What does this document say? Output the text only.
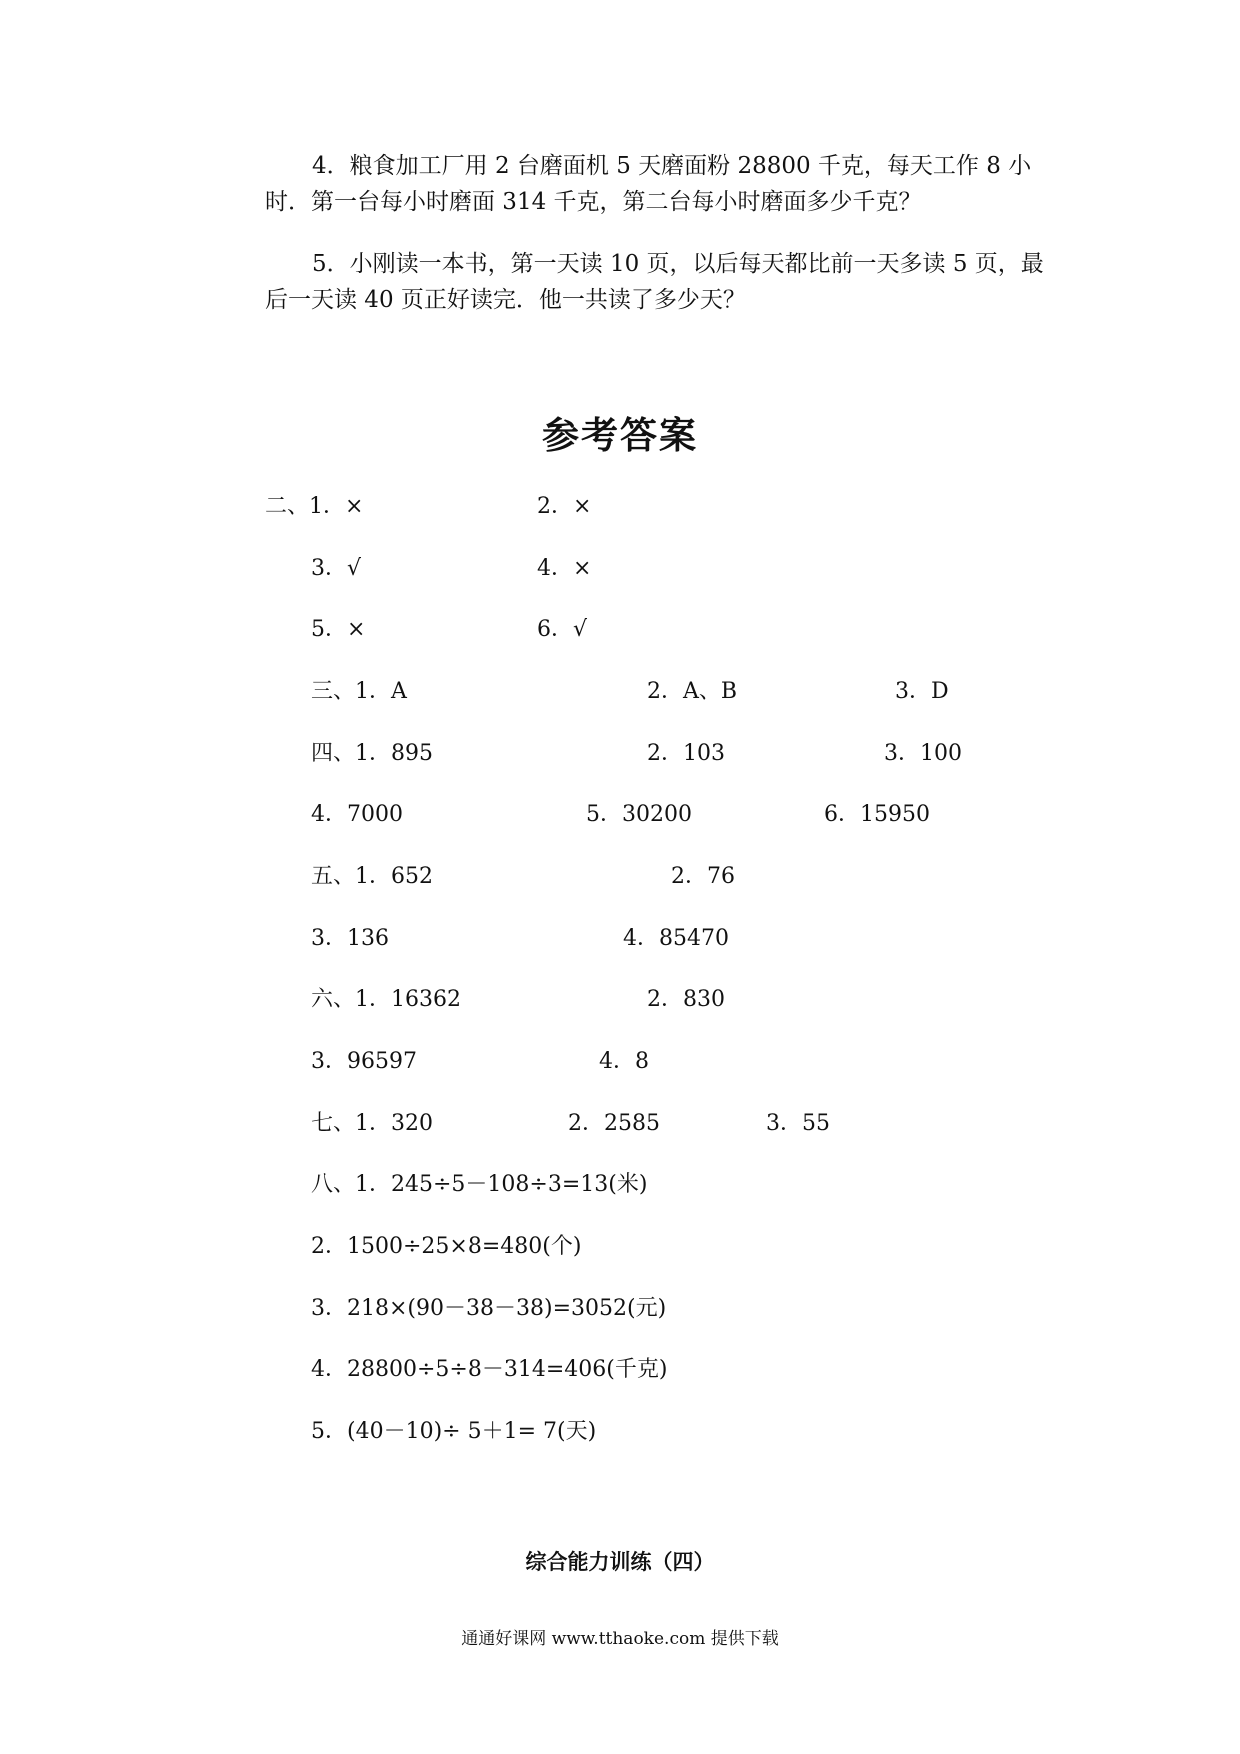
4．粮食加工厂用 2 台磨面机 5 天磨面粉 28800 千克，每天工作 8 小时．第一台每小时磨面 314 千克，第二台每小时磨面多少千克？

5．小刚读一本书，第一天读 10 页，以后每天都比前一天多读 5 页，最后一天读 40 页正好读完．他一共读了多少天？

参考答案
二、1．×	2．×
3．√	4．×
5．×	6．√
三、1．A	2．A、B	3．D
四、1．895	2．103	3．100
4．7000	5．30200	6．15950
五、1．652	2．76
3．136	4．85470
六、1．16362	2．830
3．96597	4．8
七、1．320	2．2585	3．55
八、1．245÷5－108÷3=13(米)
2．1500÷25×8=480(个)
3．218×(90－38－38)=3052(元)
4．28800÷5÷8－314=406(千克)
5．(40－10)÷ 5＋1= 7(天)
综合能力训练（四）

通通好课网 www.tthaoke.com 提供下载
